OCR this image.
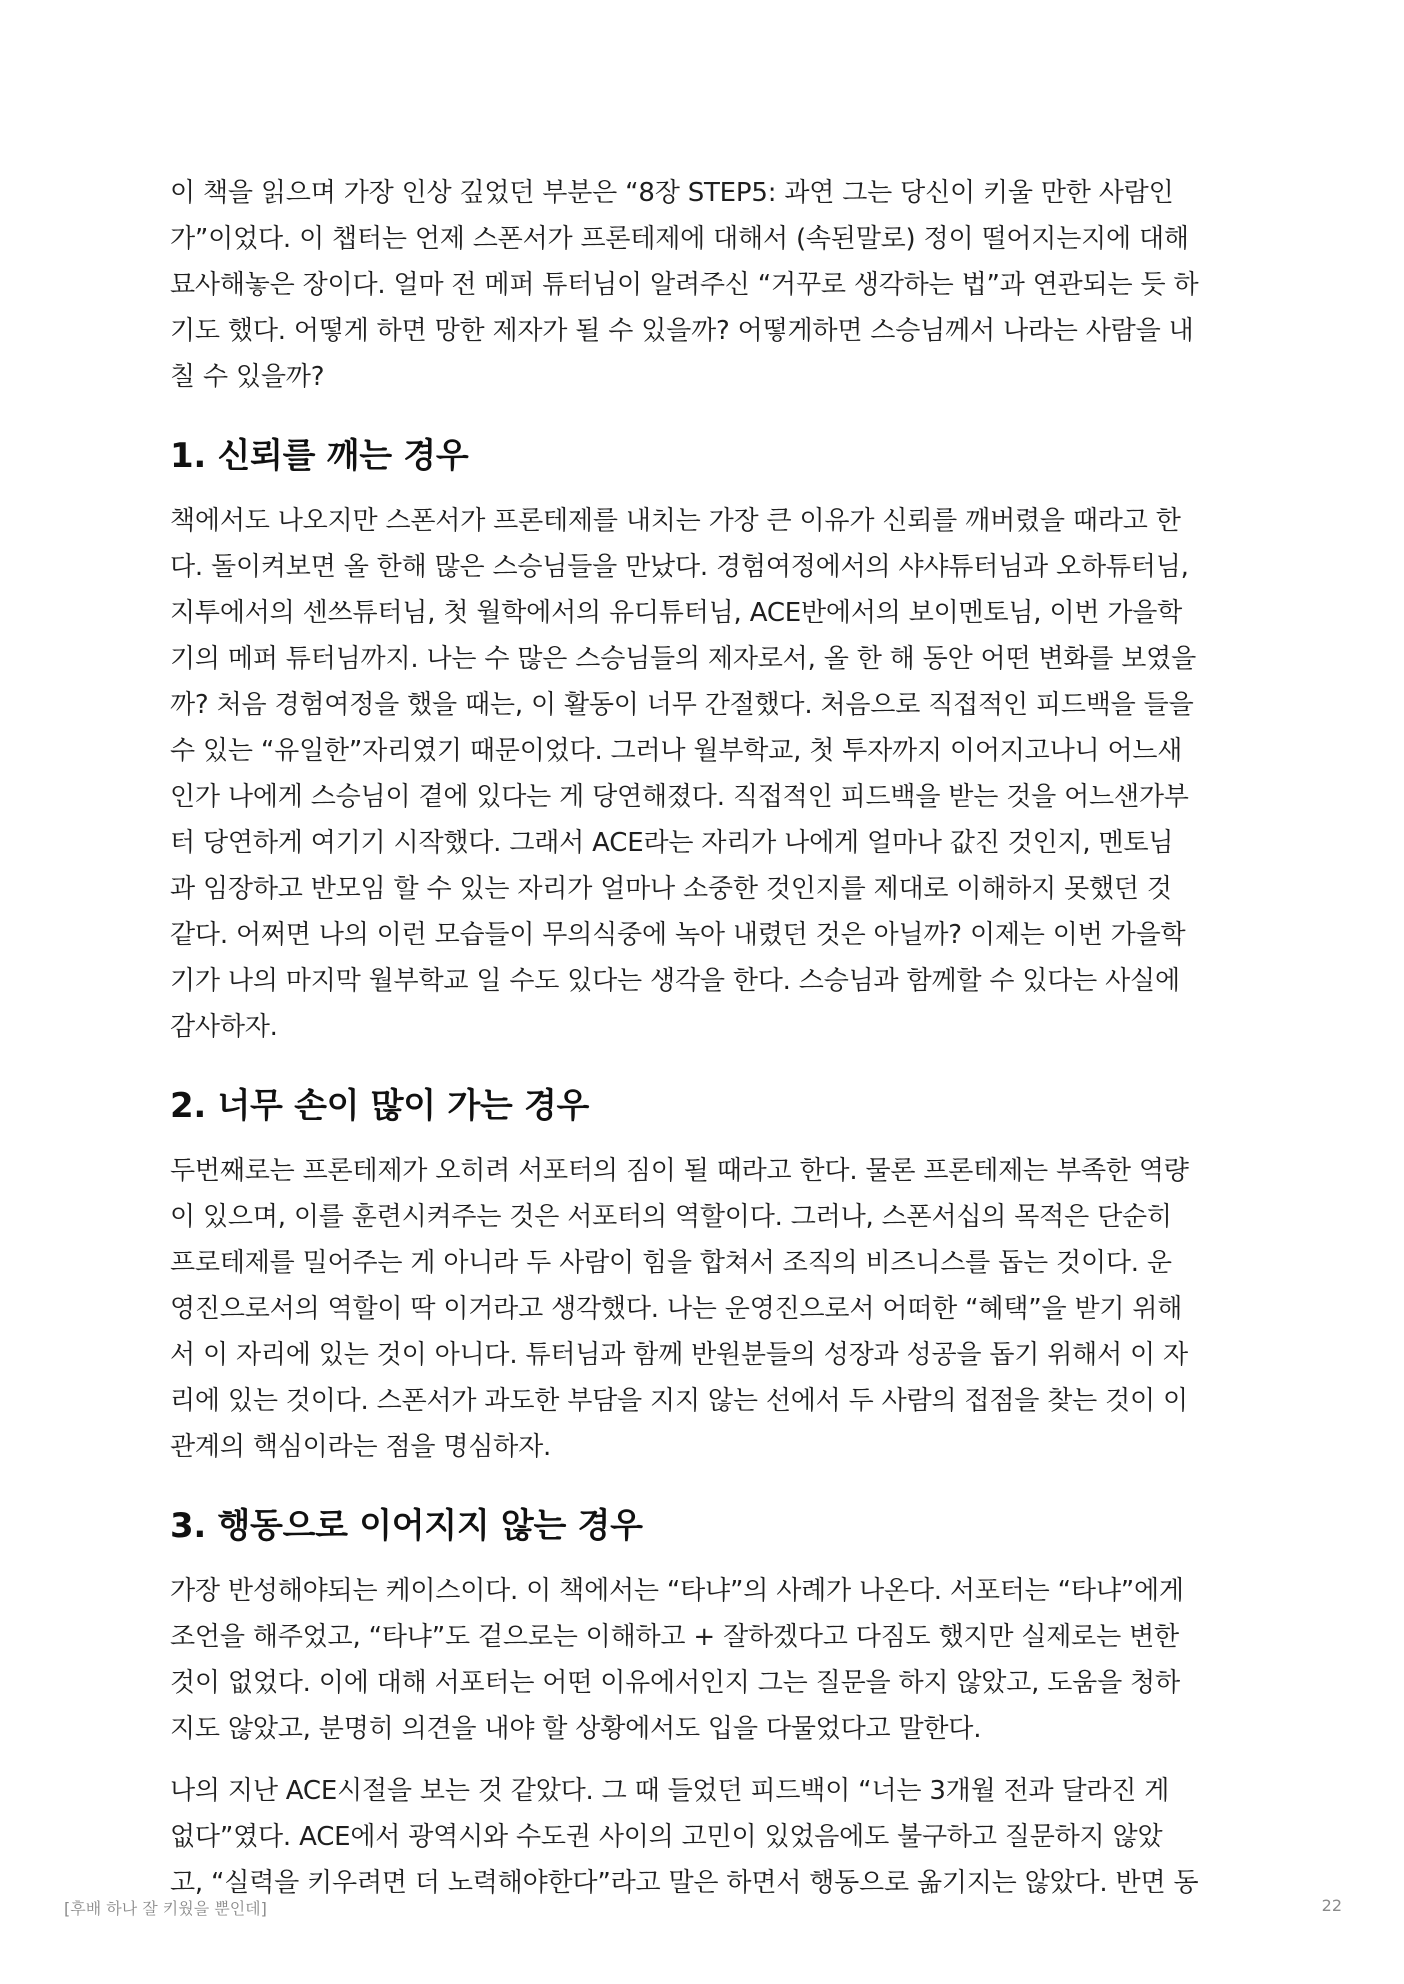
이 책을 읽으며 가장 인상 깊었던 부분은 “8장 STEP5: 과연 그는 당신이 키울 만한 사람인
가”이었다. 이 챕터는 언제 스폰서가 프론테제에 대해서 (속된말로) 정이 떨어지는지에 대해
묘사해놓은 장이다. 얼마 전 메퍼 튜터님이 알려주신 “거꾸로 생각하는 법”과 연관되는 듯 하
기도 했다. 어떻게 하면 망한 제자가 될 수 있을까? 어떻게하면 스승님께서 나라는 사람을 내
칠 수 있을까?

1. 신뢰를 깨는 경우

책에서도 나오지만 스폰서가 프론테제를 내치는 가장 큰 이유가 신뢰를 깨버렸을 때라고 한
다. 돌이켜보면 올 한해 많은 스승님들을 만났다. 경험여정에서의 샤샤튜터님과 오하튜터님,
지투에서의 센쓰튜터님, 첫 월학에서의 유디튜터님, ACE반에서의 보이멘토님, 이번 가을학
기의 메퍼 튜터님까지. 나는 수 많은 스승님들의 제자로서, 올 한 해 동안 어떤 변화를 보였을
까? 처음 경험여정을 했을 때는, 이 활동이 너무 간절했다. 처음으로 직접적인 피드백을 들을
수 있는 “유일한”자리였기 때문이었다. 그러나 월부학교, 첫 투자까지 이어지고나니 어느새
인가 나에게 스승님이 곁에 있다는 게 당연해졌다. 직접적인 피드백을 받는 것을 어느샌가부
터 당연하게 여기기 시작했다. 그래서 ACE라는 자리가 나에게 얼마나 값진 것인지, 멘토님
과 임장하고 반모임 할 수 있는 자리가 얼마나 소중한 것인지를 제대로 이해하지 못했던 것
같다. 어쩌면 나의 이런 모습들이 무의식중에 녹아 내렸던 것은 아닐까? 이제는 이번 가을학
기가 나의 마지막 월부학교 일 수도 있다는 생각을 한다. 스승님과 함께할 수 있다는 사실에
감사하자.

2. 너무 손이 많이 가는 경우

두번째로는 프론테제가 오히려 서포터의 짐이 될 때라고 한다. 물론 프론테제는 부족한 역량
이 있으며, 이를 훈련시켜주는 것은 서포터의 역할이다. 그러나, 스폰서십의 목적은 단순히
프로테제를 밀어주는 게 아니라 두 사람이 힘을 합쳐서 조직의 비즈니스를 돕는 것이다. 운
영진으로서의 역할이 딱 이거라고 생각했다. 나는 운영진으로서 어떠한 “혜택”을 받기 위해
서 이 자리에 있는 것이 아니다. 튜터님과 함께 반원분들의 성장과 성공을 돕기 위해서 이 자
리에 있는 것이다. 스폰서가 과도한 부담을 지지 않는 선에서 두 사람의 접점을 찾는 것이 이
관계의 핵심이라는 점을 명심하자.

3. 행동으로 이어지지 않는 경우

가장 반성해야되는 케이스이다. 이 책에서는 “타냐”의 사례가 나온다. 서포터는 “타냐”에게
조언을 해주었고, “타냐”도 겉으로는 이해하고 + 잘하겠다고 다짐도 했지만 실제로는 변한
것이 없었다. 이에 대해 서포터는 어떤 이유에서인지 그는 질문을 하지 않았고, 도움을 청하
지도 않았고, 분명히 의견을 내야 할 상황에서도 입을 다물었다고 말한다.

나의 지난 ACE시절을 보는 것 같았다. 그 때 들었던 피드백이 “너는 3개월 전과 달라진 게
없다”였다. ACE에서 광역시와 수도권 사이의 고민이 있었음에도 불구하고 질문하지 않았
고, “실력을 키우려면 더 노력해야한다”라고 말은 하면서 행동으로 옮기지는 않았다. 반면 동

[후배 하나 잘 키웠을 뿐인데]	22
